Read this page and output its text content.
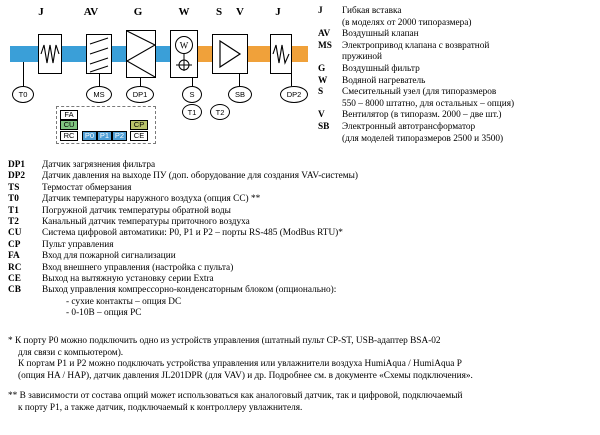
J	AV	G	W	S	V	J
W
T0	MS	DP1	S	SB	DP2
T1	T2
FA
CU
RC	P0 P1 P2
CP
CE
J	Гибкая вставка
(в моделях от 2000 типоразмера)
AV	Воздушный клапан
MS	Электропривод клапана с возвратной
пружиной
G	Воздушный фильтр
W	Водяной нагреватель
S	Смесительный узел (для типоразмеров
550 – 8000 штатно, для остальных – опция)
V	Вентилятор (в типоразм. 2000 – две шт.)
SB	Электронный автотрансформатор
(для моделей типоразмеров 2500 и 3500)
DP1	Датчик загрязнения фильтра
DP2	Датчик давления на выходе ПУ (доп. оборудование для создания VAV-системы)
TS	Термостат обмерзания
T0	Датчик температуры наружного воздуха (опция CC) **
T1	Погружной датчик температуры обратной воды
T2	Канальный датчик температуры приточного воздуха
CU	Система цифровой автоматики: P0, P1 и P2 – порты RS-485 (ModBus RTU)*
CP	Пульт управления
FA	Вход для пожарной сигнализации
RC	Вход внешнего управления (настройка с пульта)
CE	Выход на вытяжную установку серии Extra
CB	Выход управления компрессорно-конденсаторным блоком (опционально):
- сухие контакты – опция DC
- 0-10В – опция PC
* К порту Р0 можно подключить одно из устройств управления (штатный пульт CP-ST, USB-адаптер BSA-02
для связи с компьютером).
К портам Р1 и Р2 можно подключать устройства управления или увлажнители воздуха HumiAqua / HumiAqua P
(опция HA / HAP), датчик давления JL201DPR (для VAV) и др. Подробнее см. в документе «Схемы подключения».
** В зависимости от состава опций может использоваться как аналоговый датчик, так и цифровой, подключаемый
к порту Р1, а также датчик, подключаемый к контроллеру увлажнителя.
